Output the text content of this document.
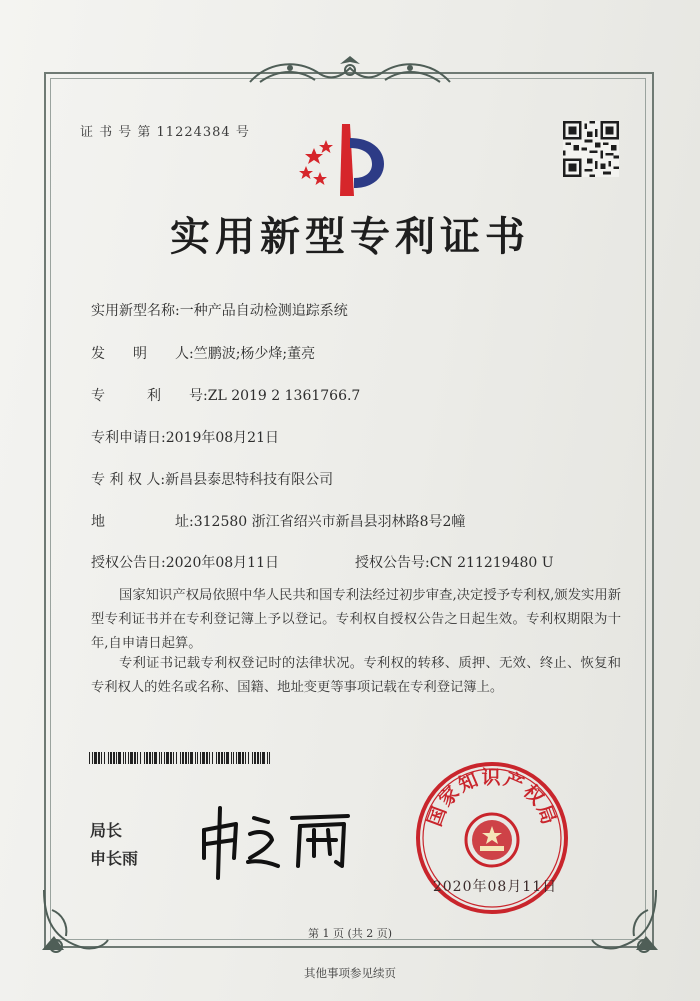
证 书 号 第 11224384 号
实用新型专利证书
实用新型名称:一种产品自动检测追踪系统
发　　明　　人:竺鹏波;杨少烽;董亮
专　　　利　　号:ZL 2019 2 1361766.7
专利申请日:2019年08月21日
专 利 权 人:新昌县泰思特科技有限公司
地　　　　　址:312580 浙江省绍兴市新昌县羽林路8号2幢
授权公告日:2020年08月11日	授权公告号:CN 211219480 U
国家知识产权局依照中华人民共和国专利法经过初步审查,决定授予专利权,颁发实用新型专利证书并在专利登记簿上予以登记。专利权自授权公告之日起生效。专利权期限为十年,自申请日起算。
专利证书记载专利权登记时的法律状况。专利权的转移、质押、无效、终止、恢复和专利权人的姓名或名称、国籍、地址变更等事项记载在专利登记簿上。
局长
申长雨
国家知识产权局
2020年08月11日
第 1 页 (共 2 页)
其他事项参见续页
